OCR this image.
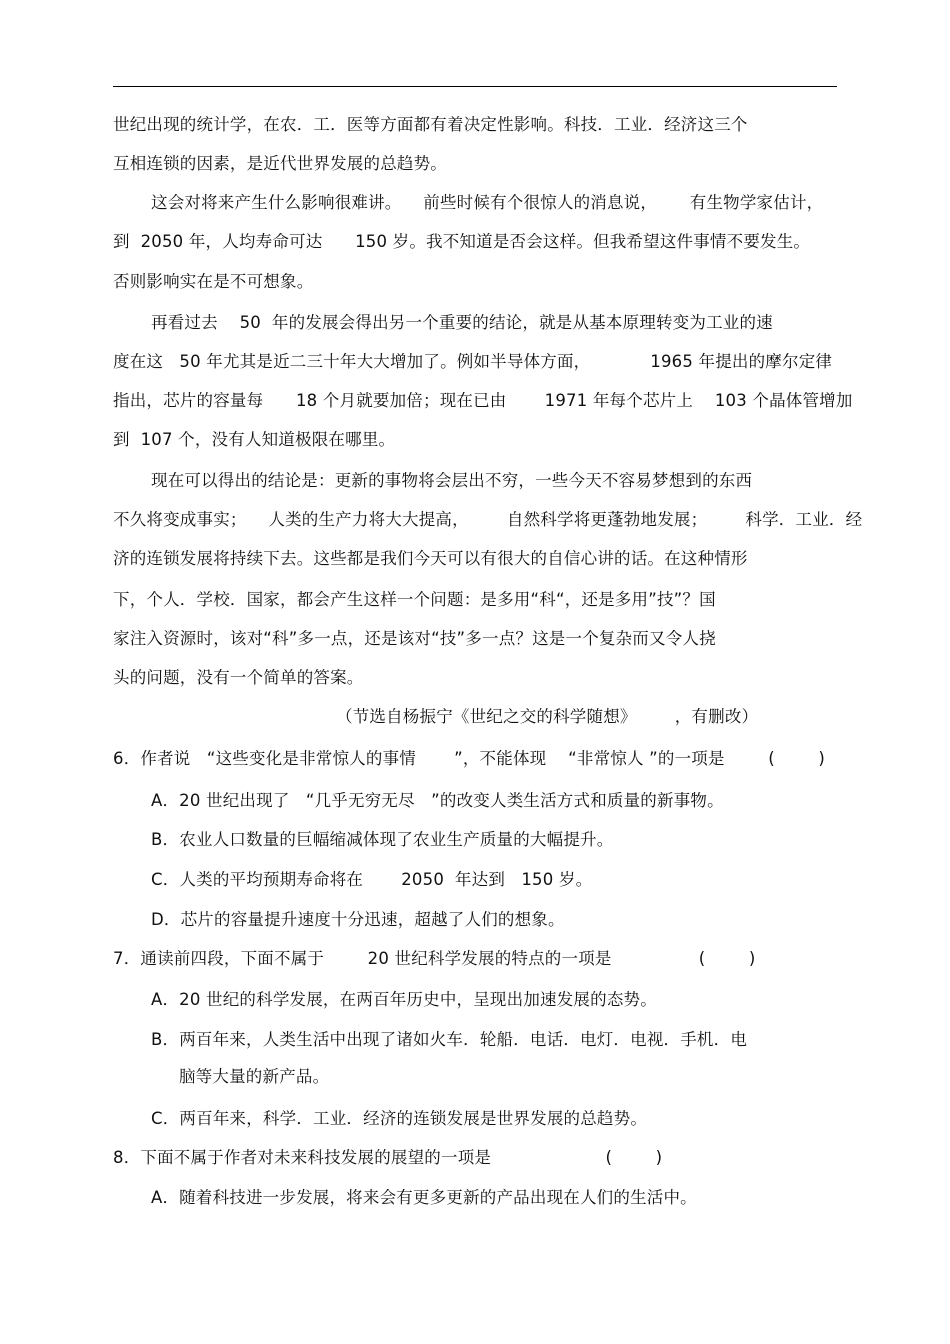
世纪出现的统计学，在农．工．医等方面都有着决定性影响。科技．工业．经济这三个
互相连锁的因素，是近代世界发展的总趋势。
这会对将来产生什么影响很难讲。    前些时候有个很惊人的消息说，      有生物学家估计，
到  2050 年，人均寿命可达      150 岁。我不知道是否会这样。但我希望这件事情不要发生。
否则影响实在是不可想象。
再看过去    50  年的发展会得出另一个重要的结论，就是从基本原理转变为工业的速
度在这   50 年尤其是近二三十年大大增加了。例如半导体方面，           1965 年提出的摩尔定律
指出，芯片的容量每      18 个月就要加倍；现在已由       1971 年每个芯片上    103 个晶体管增加
到  107 个，没有人知道极限在哪里。
现在可以得出的结论是：更新的事物将会层出不穷，一些今天不容易梦想到的东西
不久将变成事实；    人类的生产力将大大提高，       自然科学将更蓬勃地发展；       科学．工业．经
济的连锁发展将持续下去。这些都是我们今天可以有很大的自信心讲的话。在这种情形
下，个人．学校．国家，都会产生这样一个问题：是多用“科“，还是多用”技”？国
家注入资源时，该对“科”多一点，还是该对“技”多一点？这是一个复杂而又令人挠
头的问题，没有一个简单的答案。
（节选自杨振宁《世纪之交的科学随想》       ，有删改）
6．作者说   “这些变化是非常惊人的事情       ”，不能体现    “非常惊人 ”的一项是        (        )
A．20 世纪出现了   “几乎无穷无尽   ”的改变人类生活方式和质量的新事物。
B．农业人口数量的巨幅缩减体现了农业生产质量的大幅提升。
C．人类的平均预期寿命将在       2050  年达到   150 岁。
D．芯片的容量提升速度十分迅速，超越了人们的想象。
7．通读前四段，下面不属于        20 世纪科学发展的特点的一项是                (        )
A．20 世纪的科学发展，在两百年历史中，呈现出加速发展的态势。
B．两百年来，人类生活中出现了诸如火车．轮船．电话．电灯．电视．手机．电
脑等大量的新产品。
C．两百年来，科学．工业．经济的连锁发展是世界发展的总趋势。
8．下面不属于作者对未来科技发展的展望的一项是                     (        )
A．随着科技进一步发展，将来会有更多更新的产品出现在人们的生活中。
